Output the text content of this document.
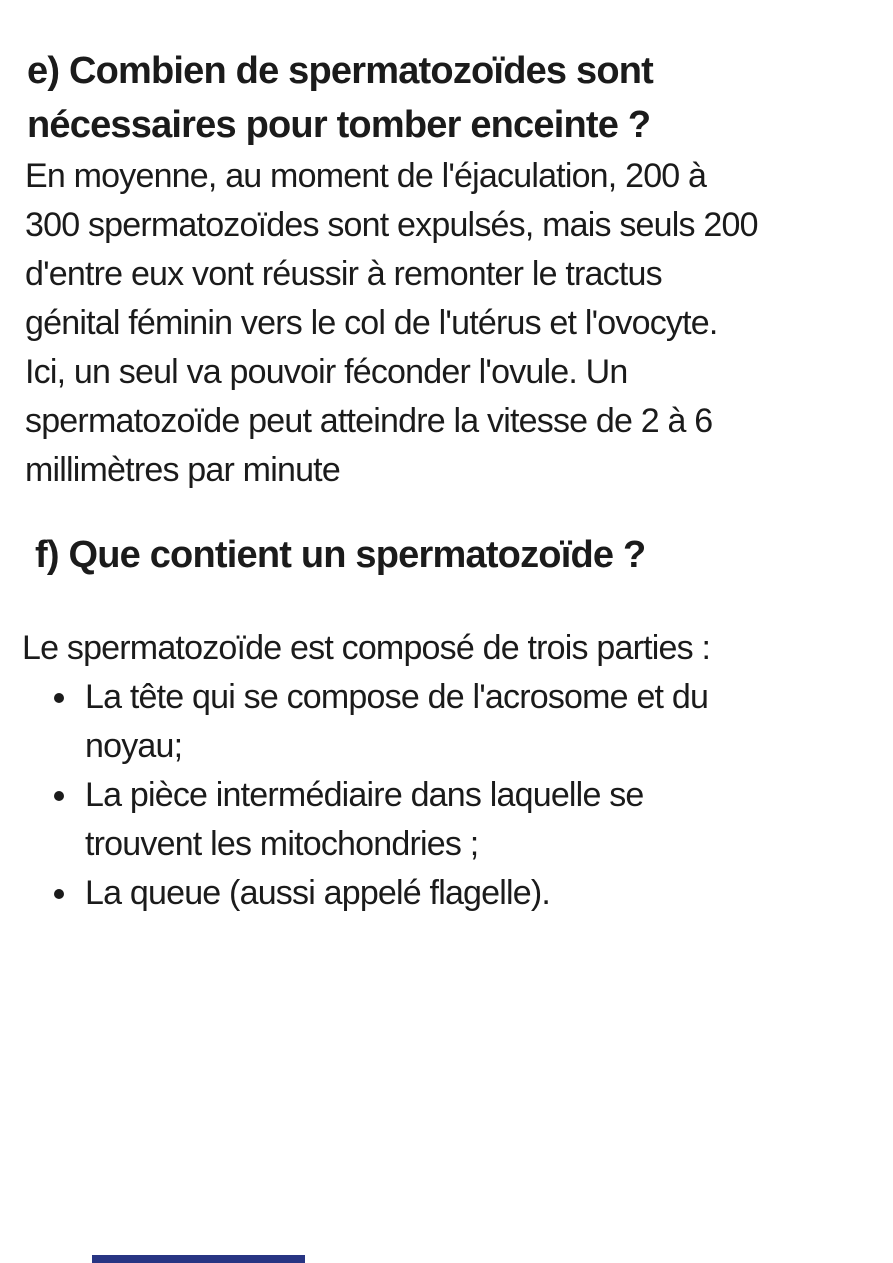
e) Combien de spermatozoïdes sont
nécessaires pour tomber enceinte ?

En moyenne, au moment de l'éjaculation, 200 à
300 spermatozoïdes sont expulsés, mais seuls 200
d'entre eux vont réussir à remonter le tractus
génital féminin vers le col de l'utérus et l'ovocyte.
Ici, un seul va pouvoir féconder l'ovule. Un
spermatozoïde peut atteindre la vitesse de 2 à 6
millimètres par minute

f) Que contient un spermatozoïde ?

Le spermatozoïde est composé de trois parties :

La tête qui se compose de l'acrosome et du
noyau;
La pièce intermédiaire dans laquelle se
trouvent les mitochondries ;
La queue (aussi appelé flagelle).
